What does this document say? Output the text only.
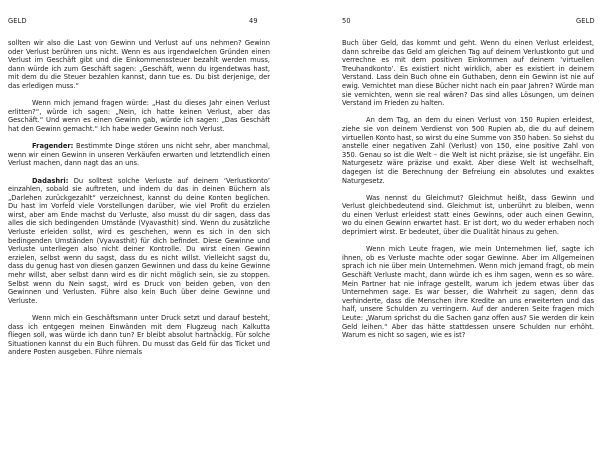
GELD	49

sollten wir also die Last von Gewinn und Verlust auf uns nehmen? Gewinn oder Verlust berühren uns nicht. Wenn es aus irgendwelchen Gründen einen Verlust im Geschäft gibt und die Einkommenssteuer bezahlt werden muss, dann würde ich zum Geschäft sagen: „Geschäft, wenn du irgendetwas hast, mit dem du die Steuer bezahlen kannst, dann tue es. Du bist derjenige, der das erledigen muss.“

Wenn mich jemand fragen würde: „Hast du dieses Jahr einen Verlust erlitten?“, würde ich sagen: „Nein, ich hatte keinen Verlust, aber das Geschäft.“ Und wenn es einen Gewinn gab, würde ich sagen: „Das Geschäft hat den Gewinn gemacht.“ Ich habe weder Gewinn noch Verlust.

Fragender: Bestimmte Dinge stören uns nicht sehr, aber manchmal, wenn wir einen Gewinn in unseren Verkäufen erwarten und letztendlich einen Verlust machen, dann nagt das an uns.

Dadashri: Du solltest solche Verluste auf deinem ‘Verlustkonto’ einzahlen, sobald sie auftreten, und indem du das in deinen Büchern als „Darlehen zurückgezahlt“ verzeichnest, kannst du deine Konten beglichen. Du hast im Vorfeld viele Vorstellungen darüber, wie viel Profit du erzielen wirst, aber am Ende machst du Verluste, also musst du dir sagen, dass das alles die sich bedingenden Umstände (Vyavasthit) sind. Wenn du zusätzliche Verluste erleiden sollst, wird es geschehen, wenn es sich in den sich bedingenden Umständen (Vyavasthit) für dich befindet. Diese Gewinne und Verluste unterliegen also nicht deiner Kontrolle. Du wirst einen Gewinn erzielen, selbst wenn du sagst, dass du es nicht willst. Vielleicht sagst du, dass du genug hast von diesen ganzen Gewinnen und dass du keine Gewinne mehr willst, aber selbst dann wird es dir nicht möglich sein, sie zu stoppen. Selbst wenn du Nein sagst, wird es Druck von beiden geben, von den Gewinnen und Verlusten. Führe also kein Buch über deine Gewinne und Verluste.

Wenn mich ein Geschäftsmann unter Druck setzt und darauf besteht, dass ich entgegen meinen Einwänden mit dem Flugzeug nach Kalkutta fliegen soll, was würde ich dann tun? Er bleibt absolut hartnäckig. Für solche Situationen kannst du ein Buch führen. Du musst das Geld für das Ticket und andere Posten ausgeben. Führe niemals

50	GELD

Buch über Geld, das kommt und geht. Wenn du einen Verlust erleidest, dann schreibe das Geld am gleichen Tag auf deinem Verlustkonto gut und verrechne es mit dem positiven Einkommen auf deinem ‘virtuellen Treuhandkonto’. Es existiert nicht wirklich, aber es existiert in deinem Verstand. Lass dein Buch ohne ein Guthaben, denn ein Gewinn ist nie auf ewig. Vernichtet man diese Bücher nicht nach ein paar Jahren? Würde man sie vernichten, wenn sie real wären? Das sind alles Lösungen, um deinen Verstand im Frieden zu halten.

An dem Tag, an dem du einen Verlust von 150 Rupien erleidest, ziehe sie von deinem Verdienst von 500 Rupien ab, die du auf deinem virtuellen Konto hast, so wirst du eine Summe von 350 haben. So siehst du anstelle einer negativen Zahl (Verlust) von 150, eine positive Zahl von 350. Genau so ist die Welt – die Welt ist nicht präzise, sie ist ungefähr. Ein Naturgesetz wäre präzise und exakt. Aber diese Welt ist wechselhaft, dagegen ist die Berechnung der Befreiung ein absolutes und exaktes Naturgesetz.

Was nennst du Gleichmut? Gleichmut heißt, dass Gewinn und Verlust gleichbedeutend sind. Gleichmut ist, unberührt zu bleiben, wenn du einen Verlust erleidest statt eines Gewinns, oder auch einen Gewinn, wo du einen Gewinn erwartet hast. Er ist dort, wo du weder erhaben noch deprimiert wirst. Er bedeutet, über die Dualität hinaus zu gehen.

Wenn mich Leute fragen, wie mein Unternehmen lief, sagte ich ihnen, ob es Verluste machte oder sogar Gewinne. Aber im Allgemeinen sprach ich nie über mein Unternehmen. Wenn mich jemand fragt, ob mein Geschäft Verluste macht, dann würde ich es ihm sagen, wenn es so wäre. Mein Partner hat nie infrage gestellt, warum ich jedem etwas über das Unternehmen sage. Es war besser, die Wahrheit zu sagen, denn das verhinderte, dass die Menschen ihre Kredite an uns erweiterten und das half, unsere Schulden zu verringern. Auf der anderen Seite fragen mich Leute: „Warum sprichst du die Sachen ganz offen aus? Sie werden dir kein Geld leihen.“ Aber das hätte stattdessen unsere Schulden nur erhöht. Warum es nicht so sagen, wie es ist?
